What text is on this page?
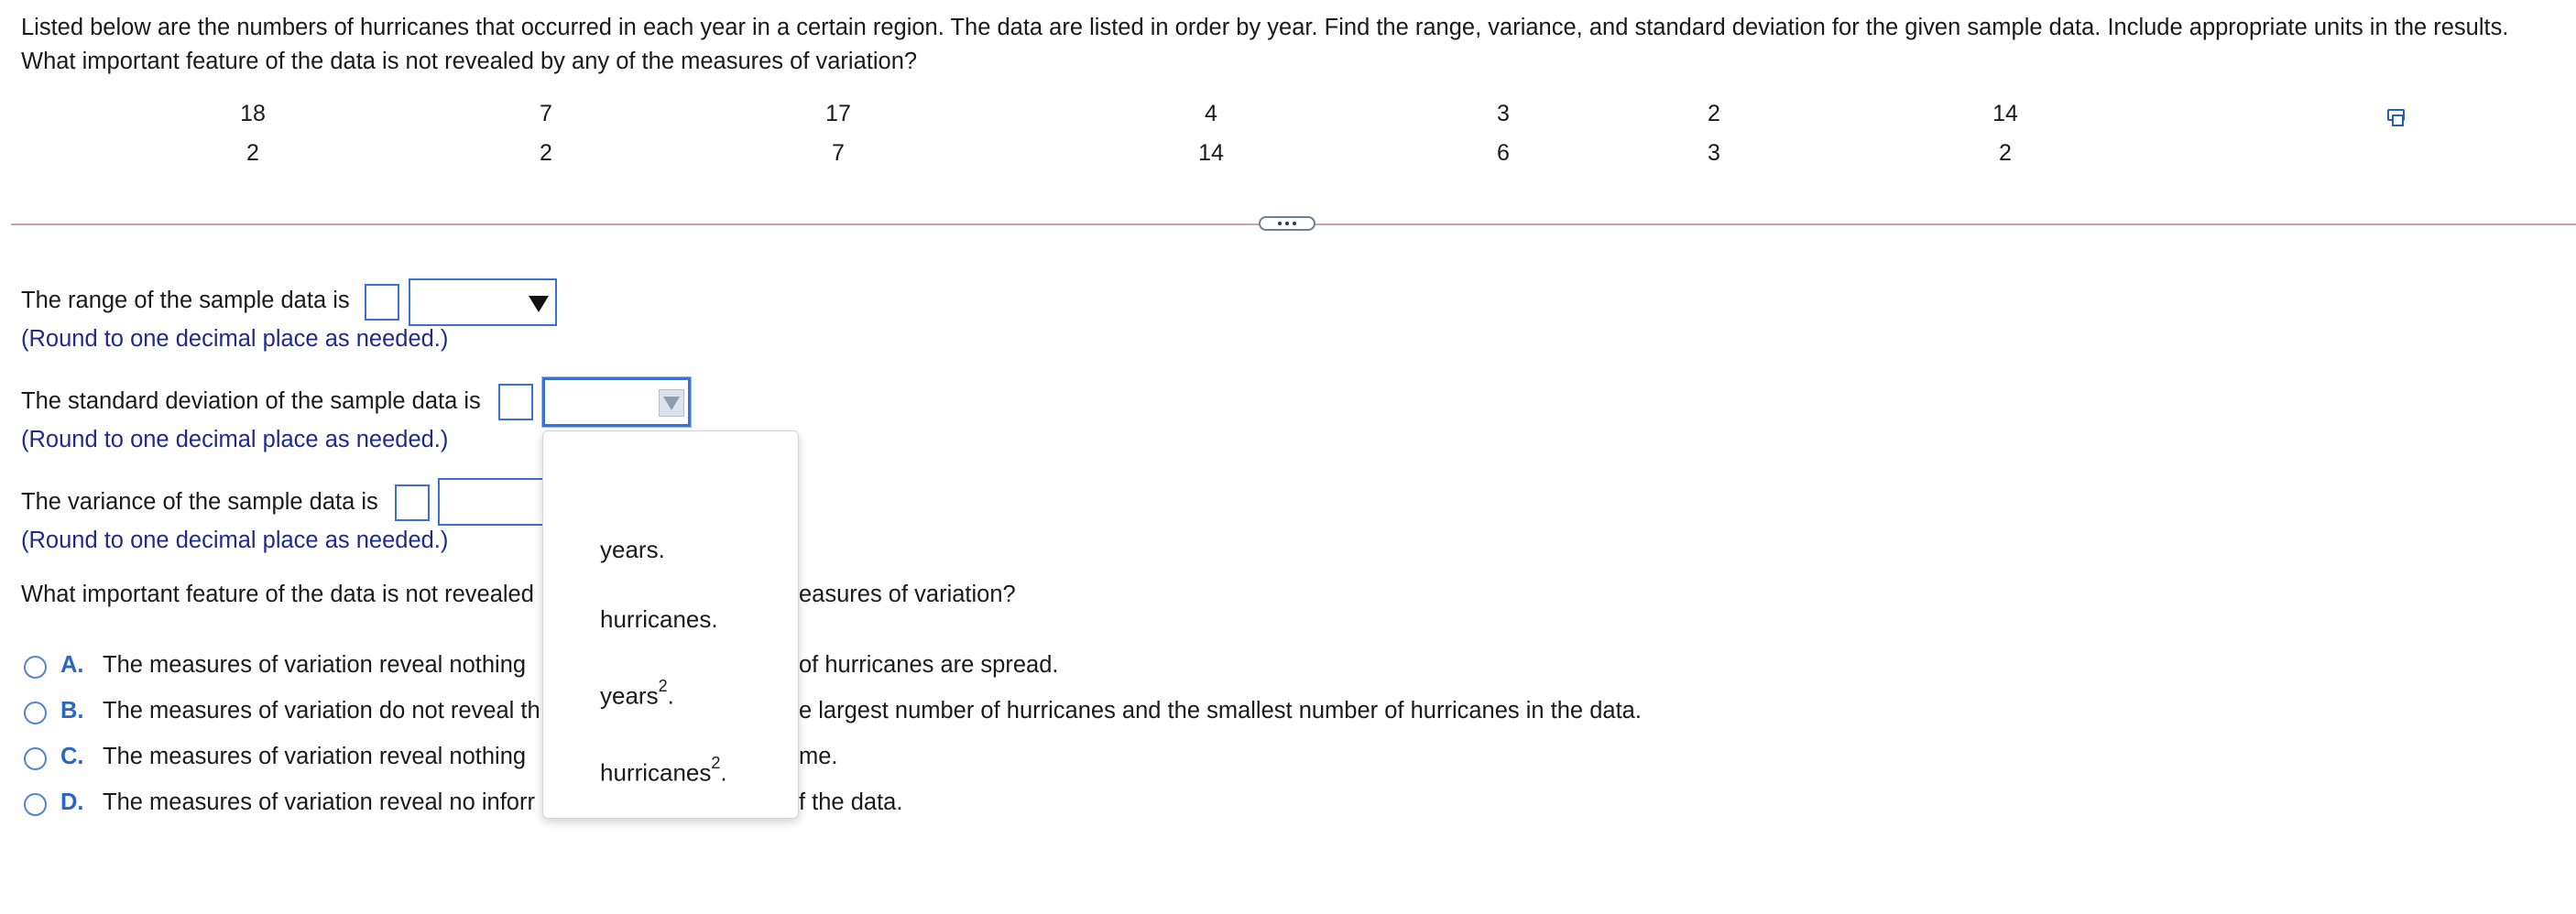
Listed below are the numbers of hurricanes that occurred in each year in a certain region. The data are listed in order by year. Find the range, variance, and standard deviation for the given sample data. Include appropriate units in the results.
What important feature of the data is not revealed by any of the measures of variation?
18	7	17	4	3	2	14
2	2	7	14	6	3	2
The range of the sample data is
(Round to one decimal place as needed.)
The standard deviation of the sample data is
(Round to one decimal place as needed.)
The variance of the sample data is
(Round to one decimal place as needed.)
What important feature of the data is not revealed	easures of variation?
A. The measures of variation reveal nothing	of hurricanes are spread.
B. The measures of variation do not reveal th	e largest number of hurricanes and the smallest number of hurricanes in the data.
C. The measures of variation reveal nothing	me.
D. The measures of variation reveal no inforr	f the data.
years.
hurricanes.
years$^2$.
hurricanes$^2$.
